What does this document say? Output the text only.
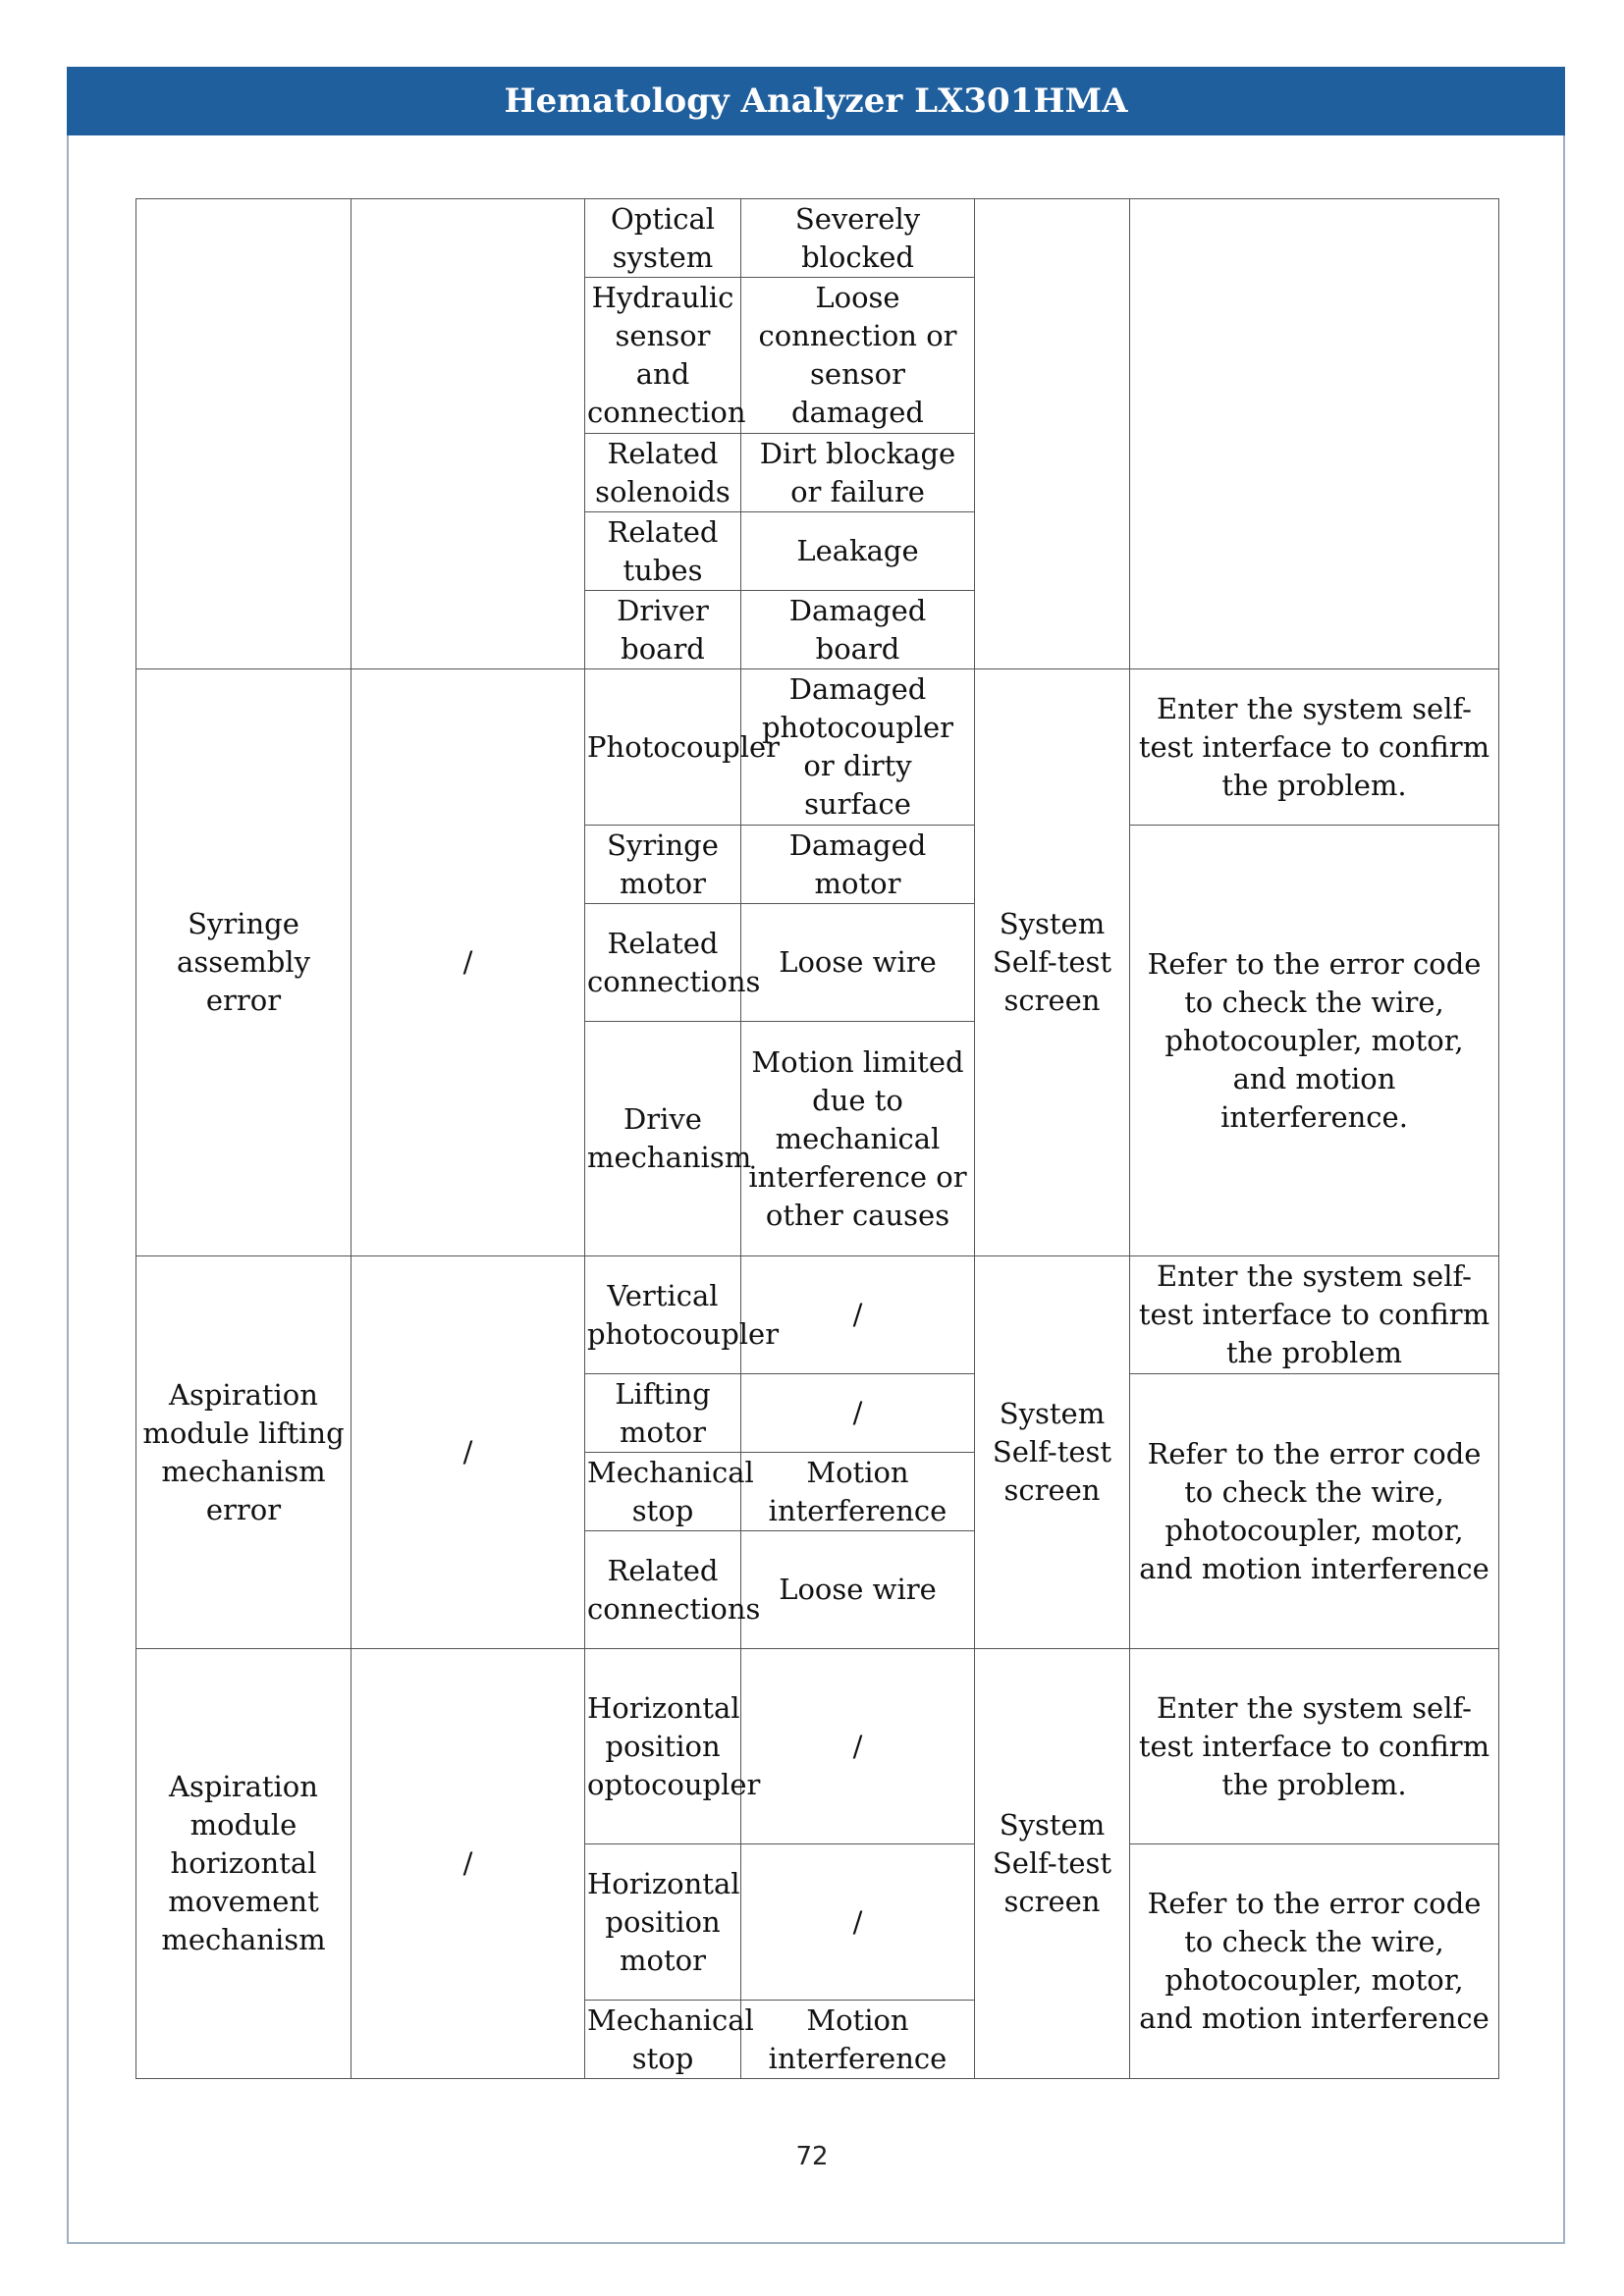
Hematology Analyzer LX301HMA
		Optical system	Severely blocked		
		Hydraulic sensor and connection	Loose connection or sensor damaged		
		Related solenoids	Dirt blockage or failure		
		Related tubes	Leakage		
		Driver board	Damaged board		
Syringe assembly error	/	Photocoupler	Damaged photocoupler or dirty surface	System Self-test screen	Enter the system self-test interface to confirm the problem.
		Syringe motor	Damaged motor		Refer to the error code to check the wire, photocoupler, motor, and motion interference.
		Related connections	Loose wire		
		Drive mechanism	Motion limited due to mechanical interference or other causes		
Aspiration module lifting mechanism error	/	Vertical photocoupler	/	System Self-test screen	Enter the system self-test interface to confirm the problem
		Lifting motor	/		Refer to the error code to check the wire, photocoupler, motor, and motion interference
		Mechanical stop	Motion interference		
		Related connections	Loose wire		
Aspiration module horizontal movement mechanism	/	Horizontal position optocoupler	/	System Self-test screen	Enter the system self-test interface to confirm the problem.
		Horizontal position motor	/		Refer to the error code to check the wire, photocoupler, motor, and motion interference
		Mechanical stop	Motion interference		
72
